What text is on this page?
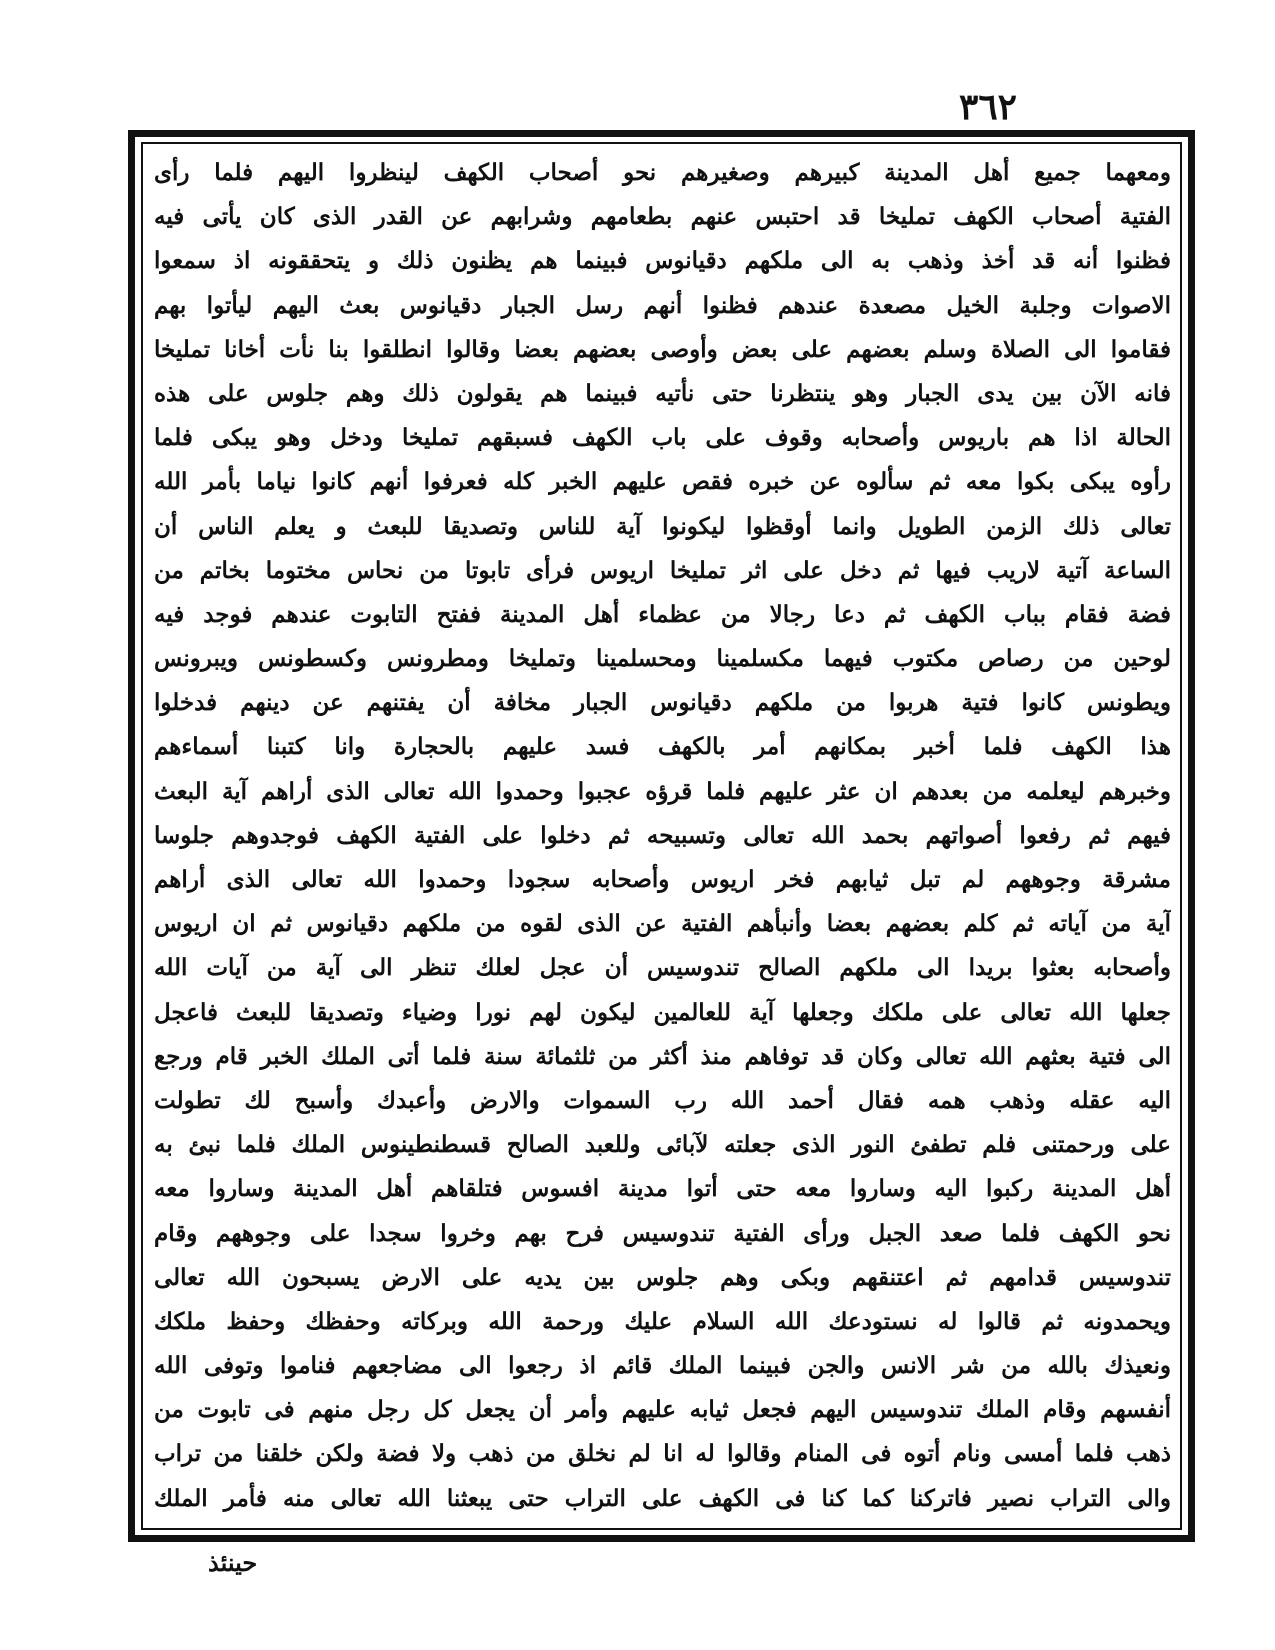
٣٦٢
ومعهما جميع أهل المدينة كبيرهم وصغيرهم نحو أصحاب الكهف لينظروا اليهم فلما رأى
الفتية أصحاب الكهف تمليخا قد احتبس عنهم بطعامهم وشرابهم عن القدر الذى كان يأتى فيه
فظنوا أنه قد أخذ وذهب به الى ملكهم دقيانوس فبينما هم يظنون ذلك و يتحققونه اذ سمعوا
الاصوات وجلبة الخيل مصعدة عندهم فظنوا أنهم رسل الجبار دقيانوس بعث اليهم ليأتوا بهم
فقاموا الى الصلاة وسلم بعضهم على بعض وأوصى بعضهم بعضا وقالوا انطلقوا بنا نأت أخانا تمليخا
فانه الآن بين يدى الجبار وهو ينتظرنا حتى نأتيه فبينما هم يقولون ذلك وهم جلوس على هذه
الحالة اذا هم باريوس وأصحابه وقوف على باب الكهف فسبقهم تمليخا ودخل وهو يبكى فلما
رأوه يبكى بكوا معه ثم سألوه عن خبره فقص عليهم الخبر كله فعرفوا أنهم كانوا نياما بأمر الله
تعالى ذلك الزمن الطويل وانما أوقظوا ليكونوا آية للناس وتصديقا للبعث و يعلم الناس أن
الساعة آتية لاريب فيها ثم دخل على اثر تمليخا اريوس فرأى تابوتا من نحاس مختوما بخاتم من
فضة فقام بباب الكهف ثم دعا رجالا من عظماء أهل المدينة ففتح التابوت عندهم فوجد فيه
لوحين من رصاص مكتوب فيهما مكسلمينا ومحسلمينا وتمليخا ومطرونس وكسطونس ويبرونس
ويطونس كانوا فتية هربوا من ملكهم دقيانوس الجبار مخافة أن يفتنهم عن دينهم فدخلوا
هذا الكهف فلما أخبر بمكانهم أمر بالكهف فسد عليهم بالحجارة وانا كتبنا أسماءهم
وخبرهم ليعلمه من بعدهم ان عثر عليهم فلما قرؤه عجبوا وحمدوا الله تعالى الذى أراهم آية البعث
فيهم ثم رفعوا أصواتهم بحمد الله تعالى وتسبيحه ثم دخلوا على الفتية الكهف فوجدوهم جلوسا
مشرقة وجوههم لم تبل ثيابهم فخر اريوس وأصحابه سجودا وحمدوا الله تعالى الذى أراهم
آية من آياته ثم كلم بعضهم بعضا وأنبأهم الفتية عن الذى لقوه من ملكهم دقيانوس ثم ان اريوس
وأصحابه بعثوا بريدا الى ملكهم الصالح تندوسيس أن عجل لعلك تنظر الى آية من آيات الله
جعلها الله تعالى على ملكك وجعلها آية للعالمين ليكون لهم نورا وضياء وتصديقا للبعث فاعجل
الى فتية بعثهم الله تعالى وكان قد توفاهم منذ أكثر من ثلثمائة سنة فلما أتى الملك الخبر قام ورجع
اليه عقله وذهب همه فقال أحمد الله رب السموات والارض وأعبدك وأسبح لك تطولت
على ورحمتنى فلم تطفئ النور الذى جعلته لآبائى وللعبد الصالح قسطنطينوس الملك فلما نبئ به
أهل المدينة ركبوا اليه وساروا معه حتى أتوا مدينة افسوس فتلقاهم أهل المدينة وساروا معه
نحو الكهف فلما صعد الجبل ورأى الفتية تندوسيس فرح بهم وخروا سجدا على وجوههم وقام
تندوسيس قدامهم ثم اعتنقهم وبكى وهم جلوس بين يديه على الارض يسبحون الله تعالى
ويحمدونه ثم قالوا له نستودعك الله السلام عليك ورحمة الله وبركاته وحفظك وحفظ ملكك
ونعيذك بالله من شر الانس والجن فبينما الملك قائم اذ رجعوا الى مضاجعهم فناموا وتوفى الله
أنفسهم وقام الملك تندوسيس اليهم فجعل ثيابه عليهم وأمر أن يجعل كل رجل منهم فى تابوت من
ذهب فلما أمسى ونام أتوه فى المنام وقالوا له انا لم نخلق من ذهب ولا فضة ولكن خلقنا من تراب
والى التراب نصير فاتركنا كما كنا فى الكهف على التراب حتى يبعثنا الله تعالى منه فأمر الملك
حينئذ
